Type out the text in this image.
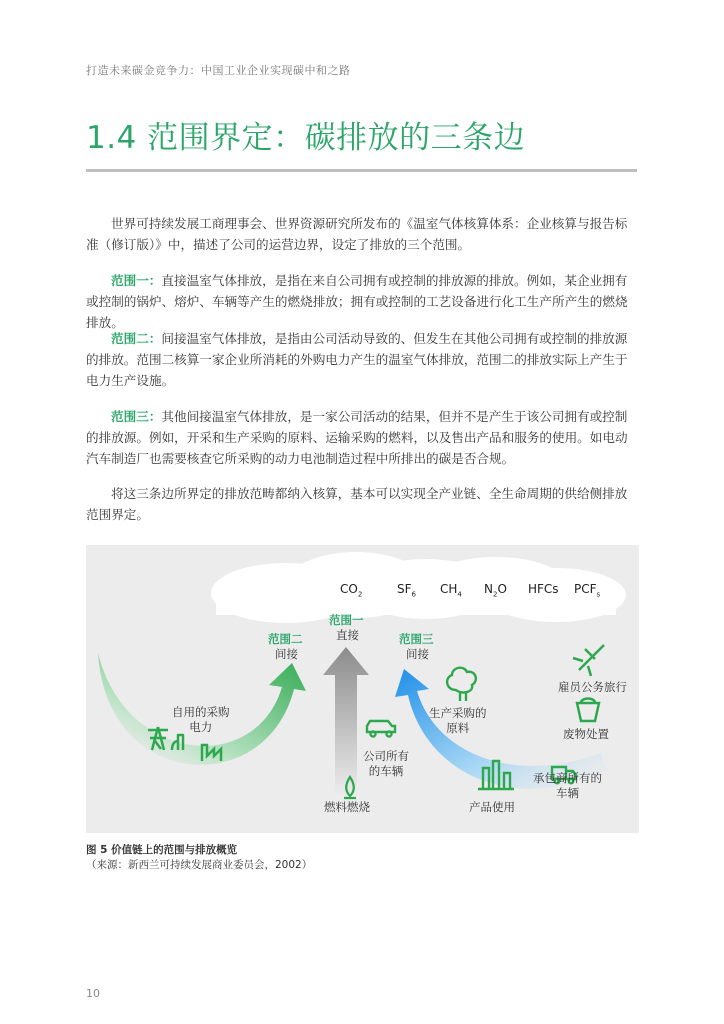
打造未来碳金竞争力：中国工业企业实现碳中和之路
1.4 范围界定：碳排放的三条边
世界可持续发展工商理事会、世界资源研究所发布的《温室气体核算体系：企业核算与报告标准（修订版）》中，描述了公司的运营边界，设定了排放的三个范围。
范围一：直接温室气体排放，是指在来自公司拥有或控制的排放源的排放。例如，某企业拥有或控制的锅炉、熔炉、车辆等产生的燃烧排放；拥有或控制的工艺设备进行化工生产所产生的燃烧排放。
范围二：间接温室气体排放，是指由公司活动导致的、但发生在其他公司拥有或控制的排放源的排放。范围二核算一家企业所消耗的外购电力产生的温室气体排放，范围二的排放实际上产生于电力生产设施。
范围三：其他间接温室气体排放，是一家公司活动的结果，但并不是产生于该公司拥有或控制的排放源。例如，开采和生产采购的原料、运输采购的燃料，以及售出产品和服务的使用。如电动汽车制造厂也需要核查它所采购的动力电池制造过程中所排出的碳是否合规。
将这三条边所界定的排放范畴都纳入核算，基本可以实现全产业链、全生命周期的供给侧排放范围界定。
$CO_2$	$SF_6$ $CH_4$ $N_2O$ HFCs $PCF_s$
范围一
直接
范围二
间接
范围三
间接
自用的采购
电力
公司所有
的车辆
燃料燃烧
生产采购的
原料
产品使用
雇员公务旅行
废物处置
承包商所有的
车辆
图 5 价值链上的范围与排放概览
（来源：新西兰可持续发展商业委员会，2002）
10
